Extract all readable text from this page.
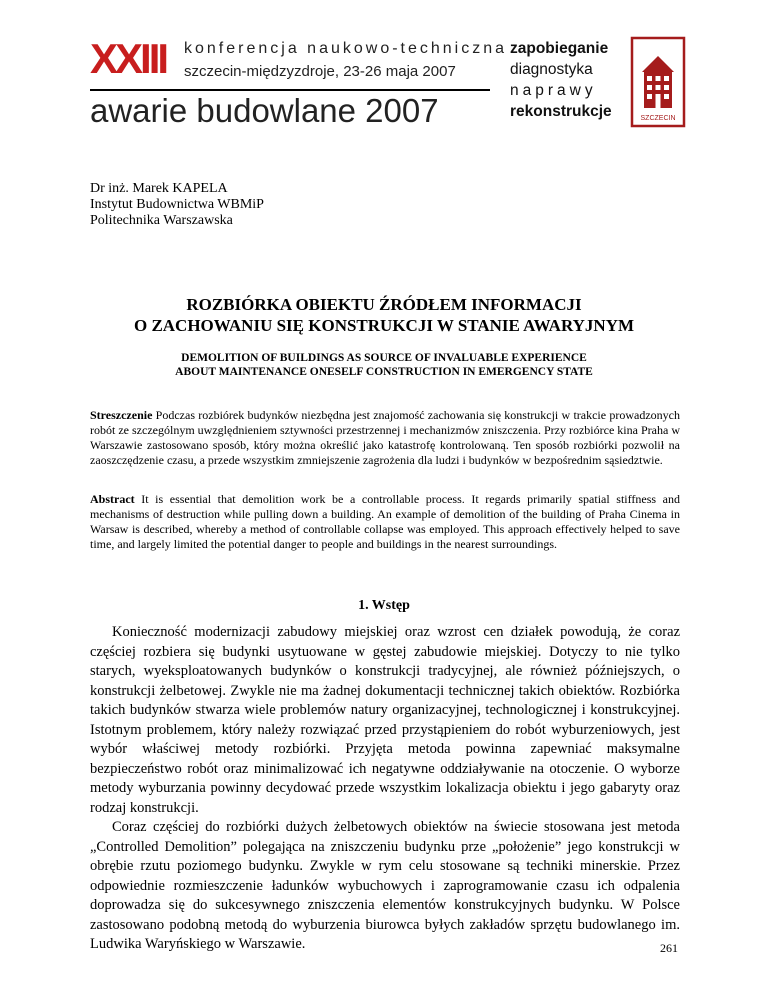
XXIII konferencja naukowo-techniczna
szczecin-międzyzdroje, 23-26 maja 2007
awarie budowlane 2007
zapobieganie
diagnostyka
naprawy
rekonstrukcje	SZCZECIN
Dr inż. Marek KAPELA
Instytut Budownictwa WBMiP
Politechnika Warszawska
ROZBIÓRKA OBIEKTU ŹRÓDŁEM INFORMACJI
O ZACHOWANIU SIĘ KONSTRUKCJI W STANIE AWARYJNYM
DEMOLITION OF BUILDINGS AS SOURCE OF INVALUABLE EXPERIENCE
ABOUT MAINTENANCE ONESELF CONSTRUCTION IN EMERGENCY STATE
Streszczenie Podczas rozbiórek budynków niezbędna jest znajomość zachowania się konstrukcji w trakcie prowadzonych robót ze szczególnym uwzględnieniem sztywności przestrzennej i mechanizmów zniszczenia. Przy rozbiórce kina Praha w Warszawie zastosowano sposób, który można określić jako katastrofę kontrolowaną. Ten sposób rozbiórki pozwolił na zaoszczędzenie czasu, a przede wszystkim zmniejszenie zagrożenia dla ludzi i budynków w bezpośrednim sąsiedztwie.
Abstract It is essential that demolition work be a controllable process. It regards primarily spatial stiffness and mechanisms of destruction while pulling down a building. An example of demolition of the building of Praha Cinema in Warsaw is described, whereby a method of controllable collapse was employed. This approach effectively helped to save time, and largely limited the potential danger to people and buildings in the nearest surroundings.
1. Wstęp

Konieczność modernizacji zabudowy miejskiej oraz wzrost cen działek powodują, że coraz częściej rozbiera się budynki usytuowane w gęstej zabudowie miejskiej. Dotyczy to nie tylko starych, wyeksploatowanych budynków o konstrukcji tradycyjnej, ale również późniejszych, o konstrukcji żelbetowej. Zwykle nie ma żadnej dokumentacji technicznej takich obiektów. Rozbiórka takich budynków stwarza wiele problemów natury organizacyjnej, technologicznej i konstrukcyjnej. Istotnym problemem, który należy rozwiązać przed przystąpieniem do robót wyburzeniowych, jest wybór właściwej metody rozbiórki. Przyjęta metoda powinna zapewniać maksymalne bezpieczeństwo robót oraz minimalizować ich negatywne oddziaływanie na otoczenie. O wyborze metody wyburzania powinny decydować przede wszystkim lokalizacja obiektu i jego gabaryty oraz rodzaj konstrukcji.

Coraz częściej do rozbiórki dużych żelbetowych obiektów na świecie stosowana jest metoda „Controlled Demolition” polegająca na zniszczeniu budynku prze „położenie” jego konstrukcji w obrębie rzutu poziomego budynku. Zwykle w rym celu stosowane są techniki minerskie. Przez odpowiednie rozmieszczenie ładunków wybuchowych i zaprogramowanie czasu ich odpalenia doprowadza się do sukcesywnego zniszczenia elementów konstrukcyjnych budynku. W Polsce zastosowano podobną metodą do wyburzenia biurowca byłych zakładów sprzętu budowlanego im. Ludwika Waryńskiego w Warszawie.	261
